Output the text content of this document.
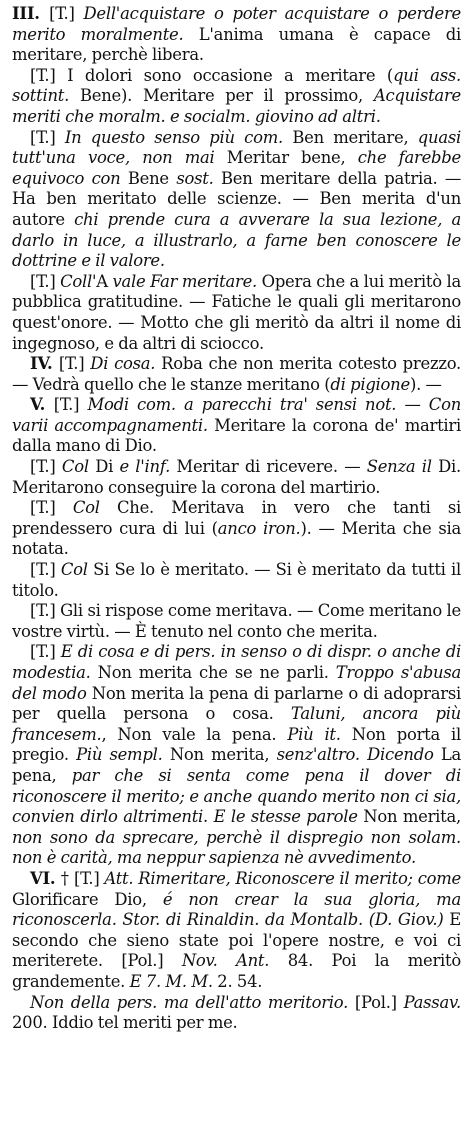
III. [T.] Dell'acquistare o poter acquistare o perdere merito moralmente. L'anima umana è capace di meritare, perchè libera.

[T.] I dolori sono occasione a meritare (qui ass. sottint. Bene). Meritare per il prossimo, Acquistare meriti che moralm. e socialm. giovino ad altri.

[T.] In questo senso più com. Ben meritare, quasi tutt'una voce, non mai Meritar bene, che farebbe equivoco con Bene sost. Ben meritare della patria. — Ha ben meritato delle scienze. — Ben merita d'un autore chi prende cura a avverare la sua lezione, a darlo in luce, a illustrarlo, a farne ben conoscere le dottrine e il valore.

[T.] Coll'A vale Far meritare. Opera che a lui meritò la pubblica gratitudine. — Fatiche le quali gli meritarono quest'onore. — Motto che gli meritò da altri il nome di ingegnoso, e da altri di sciocco.

IV. [T.] Di cosa. Roba che non merita cotesto prezzo. — Vedrà quello che le stanze meritano (di pigione). —

V. [T.] Modi com. a parecchi tra' sensi not. — Con varii accompagnamenti. Meritare la corona de' martiri dalla mano di Dio.

[T.] Col Di e l'inf. Meritar di ricevere. — Senza il Di. Meritarono conseguire la corona del martirio.

[T.] Col Che. Meritava in vero che tanti si prendessero cura di lui (anco iron.). — Merita che sia notata.

[T.] Col Si Se lo è meritato. — Si è meritato da tutti il titolo.

[T.] Gli si rispose come meritava. — Come meritano le vostre virtù. — È tenuto nel conto che merita.

[T.] E di cosa e di pers. in senso o di dispr. o anche di modestia. Non merita che se ne parli. Troppo s'abusa del modo Non merita la pena di parlarne o di adoprarsi per quella persona o cosa. Taluni, ancora più francesem., Non vale la pena. Più it. Non porta il pregio. Più sempl. Non merita, senz'altro. Dicendo La pena, par che si senta come pena il dover di riconoscere il merito; e anche quando merito non ci sia, convien dirlo altrimenti. E le stesse parole Non merita, non sono da sprecare, perchè il dispregio non solam. non è carità, ma neppur sapienza nè avvedimento.

VI. † [T.] Att. Rimeritare, Riconoscere il merito; come Glorificare Dio, é non crear la sua gloria, ma riconoscerla. Stor. di Rinaldin. da Montalb. (D. Giov.) E secondo che sieno state poi l'opere nostre, e voi ci meriterete. [Pol.] Nov. Ant. 84. Poi la meritò grandemente. E 7. M. M. 2. 54.

Non della pers. ma dell'atto meritorio. [Pol.] Passav. 200. Iddio tel meriti per me.
